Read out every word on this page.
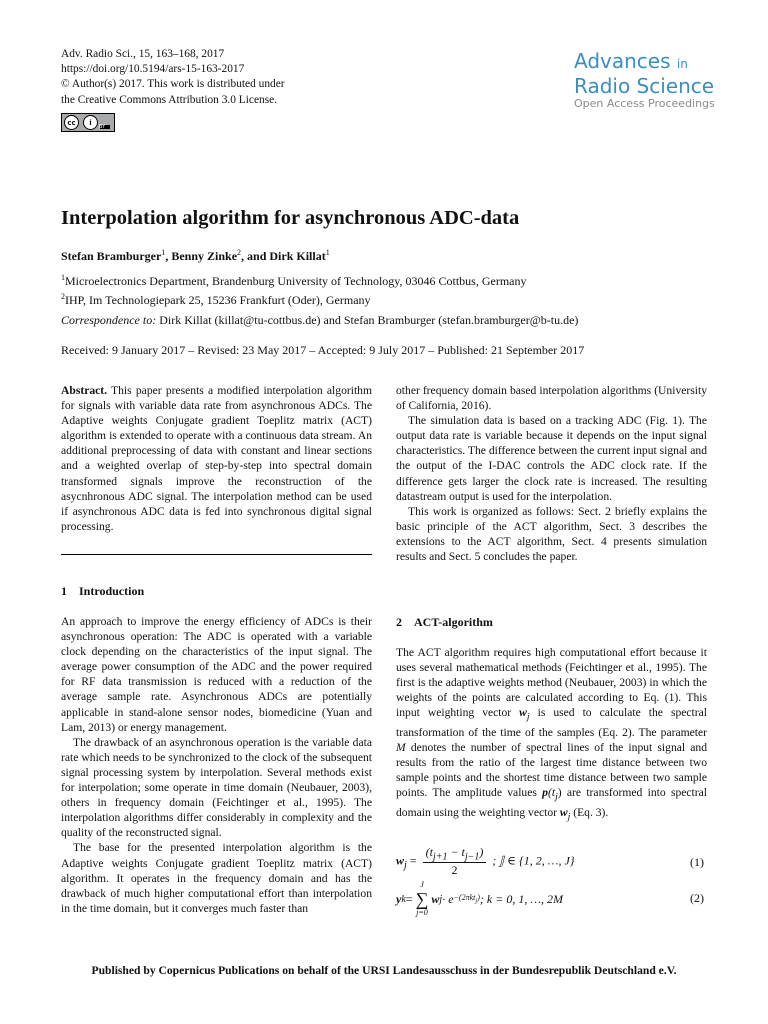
Adv. Radio Sci., 15, 163–168, 2017
https://doi.org/10.5194/ars-15-163-2017
© Author(s) 2017. This work is distributed under
the Creative Commons Attribution 3.0 License.
cc	i
BY
Advances in
Radio Science
Open Access Proceedings
Interpolation algorithm for asynchronous ADC-data
Stefan Bramburger$^1$, Benny Zinke$^2$, and Dirk Killat$^1$
$^1$Microelectronics Department, Brandenburg University of Technology, 03046 Cottbus, Germany
$^2$IHP, Im Technologiepark 25, 15236 Frankfurt (Oder), Germany
Correspondence to: Dirk Killat (killat@tu-cottbus.de) and Stefan Bramburger (stefan.bramburger@b-tu.de)
Received: 9 January 2017 – Revised: 23 May 2017 – Accepted: 9 July 2017 – Published: 21 September 2017

Abstract. This paper presents a modified interpolation algorithm for signals with variable data rate from asynchronous ADCs. The Adaptive weights Conjugate gradient Toeplitz matrix (ACT) algorithm is extended to operate with a continuous data stream. An additional preprocessing of data with constant and linear sections and a weighted overlap of step-by-step into spectral domain transformed signals improve the reconstruction of the asycnhronous ADC signal. The interpolation method can be used if asynchronous ADC data is fed into synchronous digital signal processing.

1 Introduction

An approach to improve the energy efficiency of ADCs is their asynchronous operation: The ADC is operated with a variable clock depending on the characteristics of the input signal. The average power consumption of the ADC and the power required for RF data transmission is reduced with a reduction of the average sample rate. Asynchronous ADCs are potentially applicable in stand-alone sensor nodes, biomedicine (Yuan and Lam, 2013) or energy management.

The drawback of an asynchronous operation is the variable data rate which needs to be synchronized to the clock of the subsequent signal processing system by interpolation. Several methods exist for interpolation; some operate in time domain (Neubauer, 2003), others in frequency domain (Feichtinger et al., 1995). The interpolation algorithms differ considerably in complexity and the quality of the reconstructed signal.

The base for the presented interpolation algorithm is the Adaptive weights Conjugate gradient Toeplitz matrix (ACT) algorithm. It operates in the frequency domain and has the drawback of much higher computational effort than interpolation in the time domain, but it converges much faster than

other frequency domain based interpolation algorithms (University of California, 2016).

The simulation data is based on a tracking ADC (Fig. 1). The output data rate is variable because it depends on the input signal characteristics. The difference between the current input signal and the output of the I-DAC controls the ADC clock rate. If the difference gets larger the clock rate is increased. The resulting datastream output is used for the interpolation.

This work is organized as follows: Sect. 2 briefly explains the basic principle of the ACT algorithm, Sect. 3 describes the extensions to the ACT algorithm, Sect. 4 presents simulation results and Sect. 5 concludes the paper.

2 ACT-algorithm

The ACT algorithm requires high computational effort because it uses several mathematical methods (Feichtinger et al., 1995). The first is the adaptive weights method (Neubauer, 2003) in which the weights of the points are calculated according to Eq. (1). This input weighting vector $w_j$ is used to calculate the spectral transformation of the time of the samples (Eq. 2). The parameter M denotes the number of spectral lines of the input signal and results from the ratio of the largest time distance between two sample points and the shortest time distance between two sample points. The amplitude values $p(t_j)$ are transformed into spectral domain using the weighting vector $w_j$ (Eq. 3).

$w_j = \frac{(t_{j+1} - t_{j-1})}{2}$ ; 𝕁 ∈ {1, 2, …, J}	(1)
y k =
J
∑
j=0
w j · e −(2πkt$_j$) ; k = 0, 1, …, 2M	(2)
Published by Copernicus Publications on behalf of the URSI Landesausschuss in der Bundesrepublik Deutschland e.V.
